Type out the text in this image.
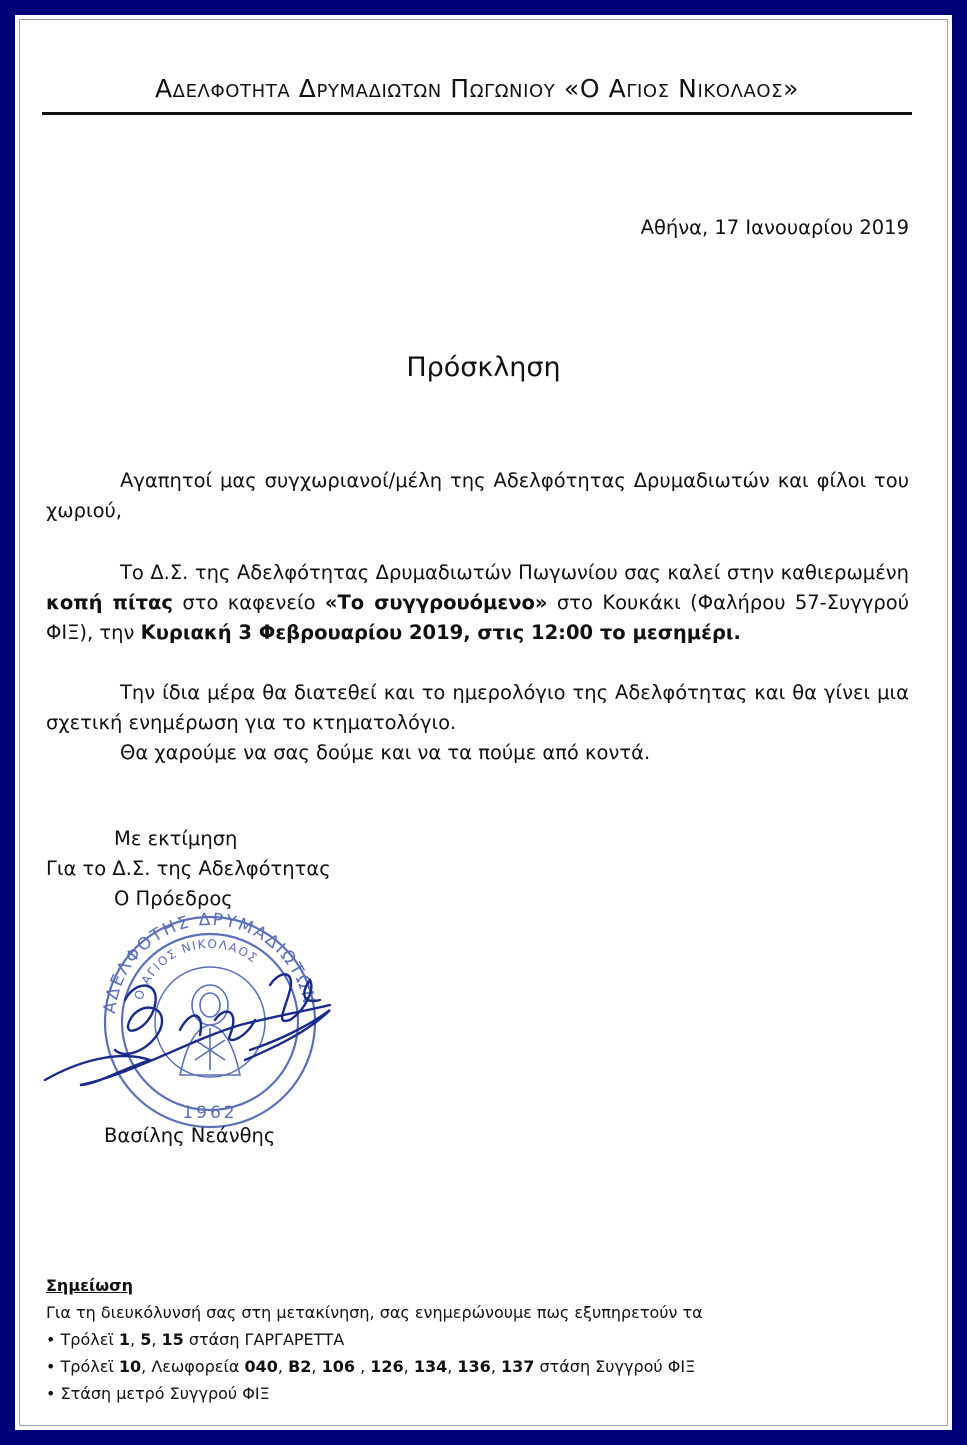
Αδελφοτητα Δρυμαδιωτων Πωγωνιου «Ο Αγιος Νικολαος»
Αθήνα, 17 Ιανουαρίου 2019
Πρόσκληση
Αγαπητοί μας συγχωριανοί/μέλη της Αδελφότητας Δρυμαδιωτών και φίλοι του χωριού,
Το Δ.Σ. της Αδελφότητας Δρυμαδιωτών Πωγωνίου σας καλεί στην καθιερωμένη κοπή πίτας στο καφενείο «Το συγγρουόμενο» στο Κουκάκι (Φαλήρου 57-Συγγρού ΦΙΞ), την Κυριακή 3 Φεβρουαρίου 2019, στις 12:00 το μεσημέρι.
Την ίδια μέρα θα διατεθεί και το ημερολόγιο της Αδελφότητας και θα γίνει μια σχετική ενημέρωση για το κτηματολόγιο.
Θα χαρούμε να σας δούμε και να τα πούμε από κοντά.
Με εκτίμηση
Για το Δ.Σ. της Αδελφότητας
Ο Πρόεδρος
ΑΔΕΛΦΟΤΗΣ ΔΡΥΜΑΔΙΩΤΩΝ
Ο ΑΓΙΟΣ ΝΙΚΟΛΑΟΣ
1962
Βασίλης Νεάνθης
Σημείωση
Για τη διευκόλυνσή σας στη μετακίνηση, σας ενημερώνουμε πως εξυπηρετούν τα
• Τρόλεϊ 1, 5, 15 στάση ΓΑΡΓΑΡΕΤΤΑ
• Τρόλεϊ 10, Λεωφορεία 040, Β2, 106 , 126, 134, 136, 137 στάση Συγγρού ΦΙΞ
• Στάση μετρό Συγγρού ΦΙΞ
